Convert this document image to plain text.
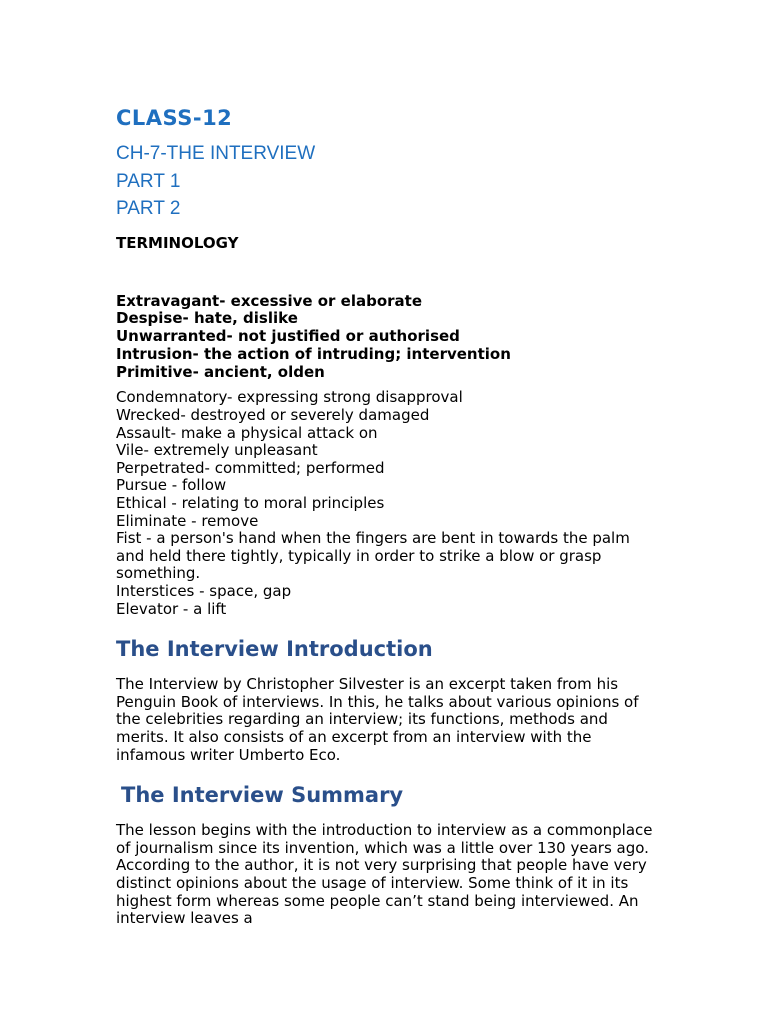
CLASS-12
CH-7-THE INTERVIEW
PART 1
PART 2

TERMINOLOGY

Extravagant- excessive or elaborate
Despise- hate, dislike
Unwarranted- not justified or authorised
Intrusion- the action of intruding; intervention
Primitive- ancient, olden
Condemnatory- expressing strong disapproval
Wrecked- destroyed or severely damaged
Assault- make a physical attack on
Vile- extremely unpleasant
Perpetrated- committed; performed
Pursue - follow
Ethical - relating to moral principles
Eliminate - remove
Fist - a person's hand when the fingers are bent in towards the palm and held there tightly, typically in order to strike a blow or grasp something.
Interstices - space, gap
Elevator - a lift
The Interview Introduction

The Interview by Christopher Silvester is an excerpt taken from his Penguin Book of interviews. In this, he talks about various opinions of the celebrities regarding an interview; its functions, methods and merits. It also consists of an excerpt from an interview with the infamous writer Umberto Eco.

The Interview Summary

The lesson begins with the introduction to interview as a commonplace of journalism since its invention, which was a little over 130 years ago. According to the author, it is not very surprising that people have very distinct opinions about the usage of interview. Some think of it in its highest form whereas some people can’t stand being interviewed. An interview leaves a
